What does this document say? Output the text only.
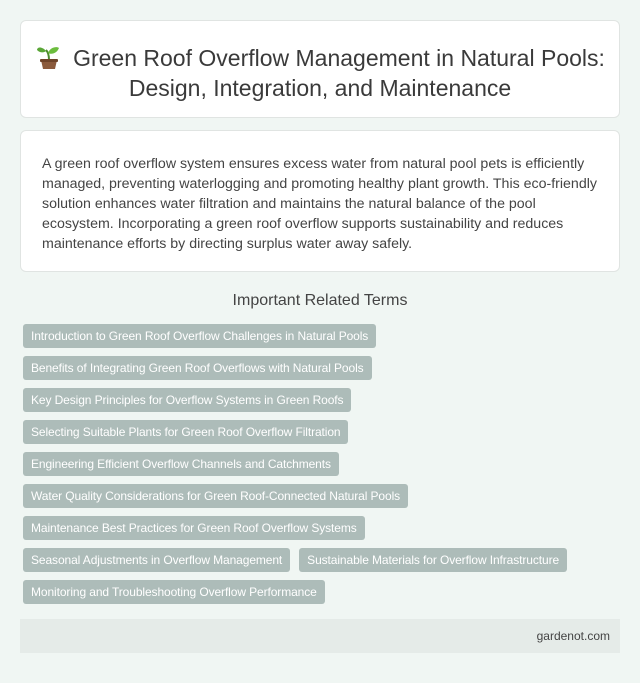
Green Roof Overflow Management in Natural Pools: Design, Integration, and Maintenance

A green roof overflow system ensures excess water from natural pool pets is efficiently managed, preventing waterlogging and promoting healthy plant growth. This eco-friendly solution enhances water filtration and maintains the natural balance of the pool ecosystem. Incorporating a green roof overflow supports sustainability and reduces maintenance efforts by directing surplus water away safely.

Important Related Terms
Introduction to Green Roof Overflow Challenges in Natural Pools
Benefits of Integrating Green Roof Overflows with Natural Pools
Key Design Principles for Overflow Systems in Green Roofs
Selecting Suitable Plants for Green Roof Overflow Filtration
Engineering Efficient Overflow Channels and Catchments
Water Quality Considerations for Green Roof-Connected Natural Pools
Maintenance Best Practices for Green Roof Overflow Systems
Seasonal Adjustments in Overflow Management	Sustainable Materials for Overflow Infrastructure
Monitoring and Troubleshooting Overflow Performance
gardenot.com
